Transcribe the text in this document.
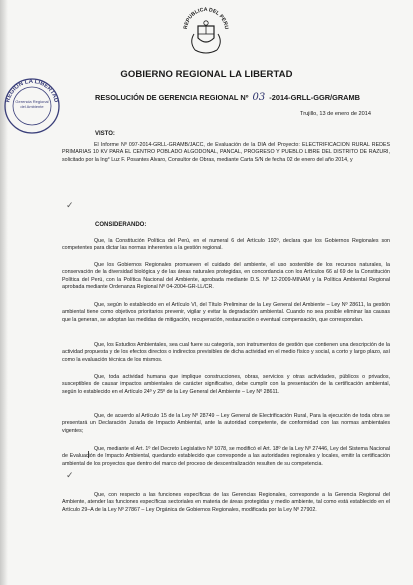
REPUBLICA DEL PERU
GOBIERNO REGIONAL LA LIBERTAD
REGION LA LIBERTAD
Gerencia Regional del Ambiente
RESOLUCIÓN DE GERENCIA REGIONAL Nº 03 -2014-GRLL-GGR/GRAMB
Trujillo, 13 de enero de 2014
VISTO:
El Informe Nº 097-2014-GRLL-GRAMB/JACC, de Evaluación de la DIA del Proyecto: ELECTRIFICACION RURAL REDES PRIMARIAS 10 KV PARA EL CENTRO POBLADO ALGODONAL, PANCAL, PROGRESO Y PUEBLO LIBRE DEL DISTRITO DE RAZURI, solicitado por la Ing° Luz F. Posantes Alvaro, Consultor de Obras, mediante Carta S/N de fecha 02 de enero del año 2014, y
✓
CONSIDERANDO:
Que, la Constitución Política del Perú, en el numeral 6 del Artículo 192º, declara que los Gobiernos Regionales son competentes para dictar las normas inherentes a la gestión regional.
Que los Gobiernos Regionales promueven el cuidado del ambiente, el uso sostenible de los recursos naturales, la conservación de la diversidad biológica y de las áreas naturales protegidas, en concordancia con los Artículos 66 al 69 de la Constitución Política del Perú, con la Política Nacional del Ambiente, aprobada mediante D.S. Nº 12-2009-MINAM y la Política Ambiental Regional aprobada mediante Ordenanza Regional Nº 04-2004-GR-LL/CR.
Que, según lo establecido en el Artículo VI, del Título Preliminar de la Ley General del Ambiente – Ley Nº 28611, la gestión ambiental tiene como objetivos prioritarios prevenir, vigilar y evitar la degradación ambiental. Cuando no sea posible eliminar las causas que la generan, se adoptan las medidas de mitigación, recuperación, restauración o eventual compensación, que correspondan.
Que, los Estudios Ambientales, sea cual fuere su categoría, son instrumentos de gestión que contienen una descripción de la actividad propuesta y de los efectos directos o indirectos previsibles de dicha actividad en el medio físico y social, a corto y largo plazo, así como la evaluación técnica de los mismos.
Que, toda actividad humana que implique construcciones, obras, servicios y otras actividades, públicos o privados, susceptibles de causar impactos ambientales de carácter significativo, debe cumplir con la presentación de la certificación ambiental, según lo establecido en el Artículo 24º y 25º de la Ley General del Ambiente – Ley Nº 28611.
Que, de acuerdo al Artículo 15 de la Ley Nº 28749 – Ley General de Electrificación Rural, Para la ejecución de toda obra se presentará un Declaración Jurada de Impacto Ambiental, ante la autoridad competente, de conformidad con las normas ambientales vigentes;
Que, mediante el Art. 1º del Decreto Legislativo Nº 1078, se modificó el Art. 18º de la Ley Nº 27446, Ley del Sistema Nacional de Evaluación de Impacto Ambiental, quedando establecido que corresponde a las autoridades regionales y locales, emitir la certificación ambiental de los proyectos que dentro del marco del proceso de descentralización resulten de su competencia.
✓
Que, con respecto a las funciones específicas de las Gerencias Regionales, corresponde a la Gerencia Regional del Ambiente, atender las funciones específicas sectoriales en materia de áreas protegidas y medio ambiente, tal como está establecido en el Artículo 29–A de la Ley Nº 27867 – Ley Orgánica de Gobiernos Regionales, modificada por la Ley Nº 27902.
